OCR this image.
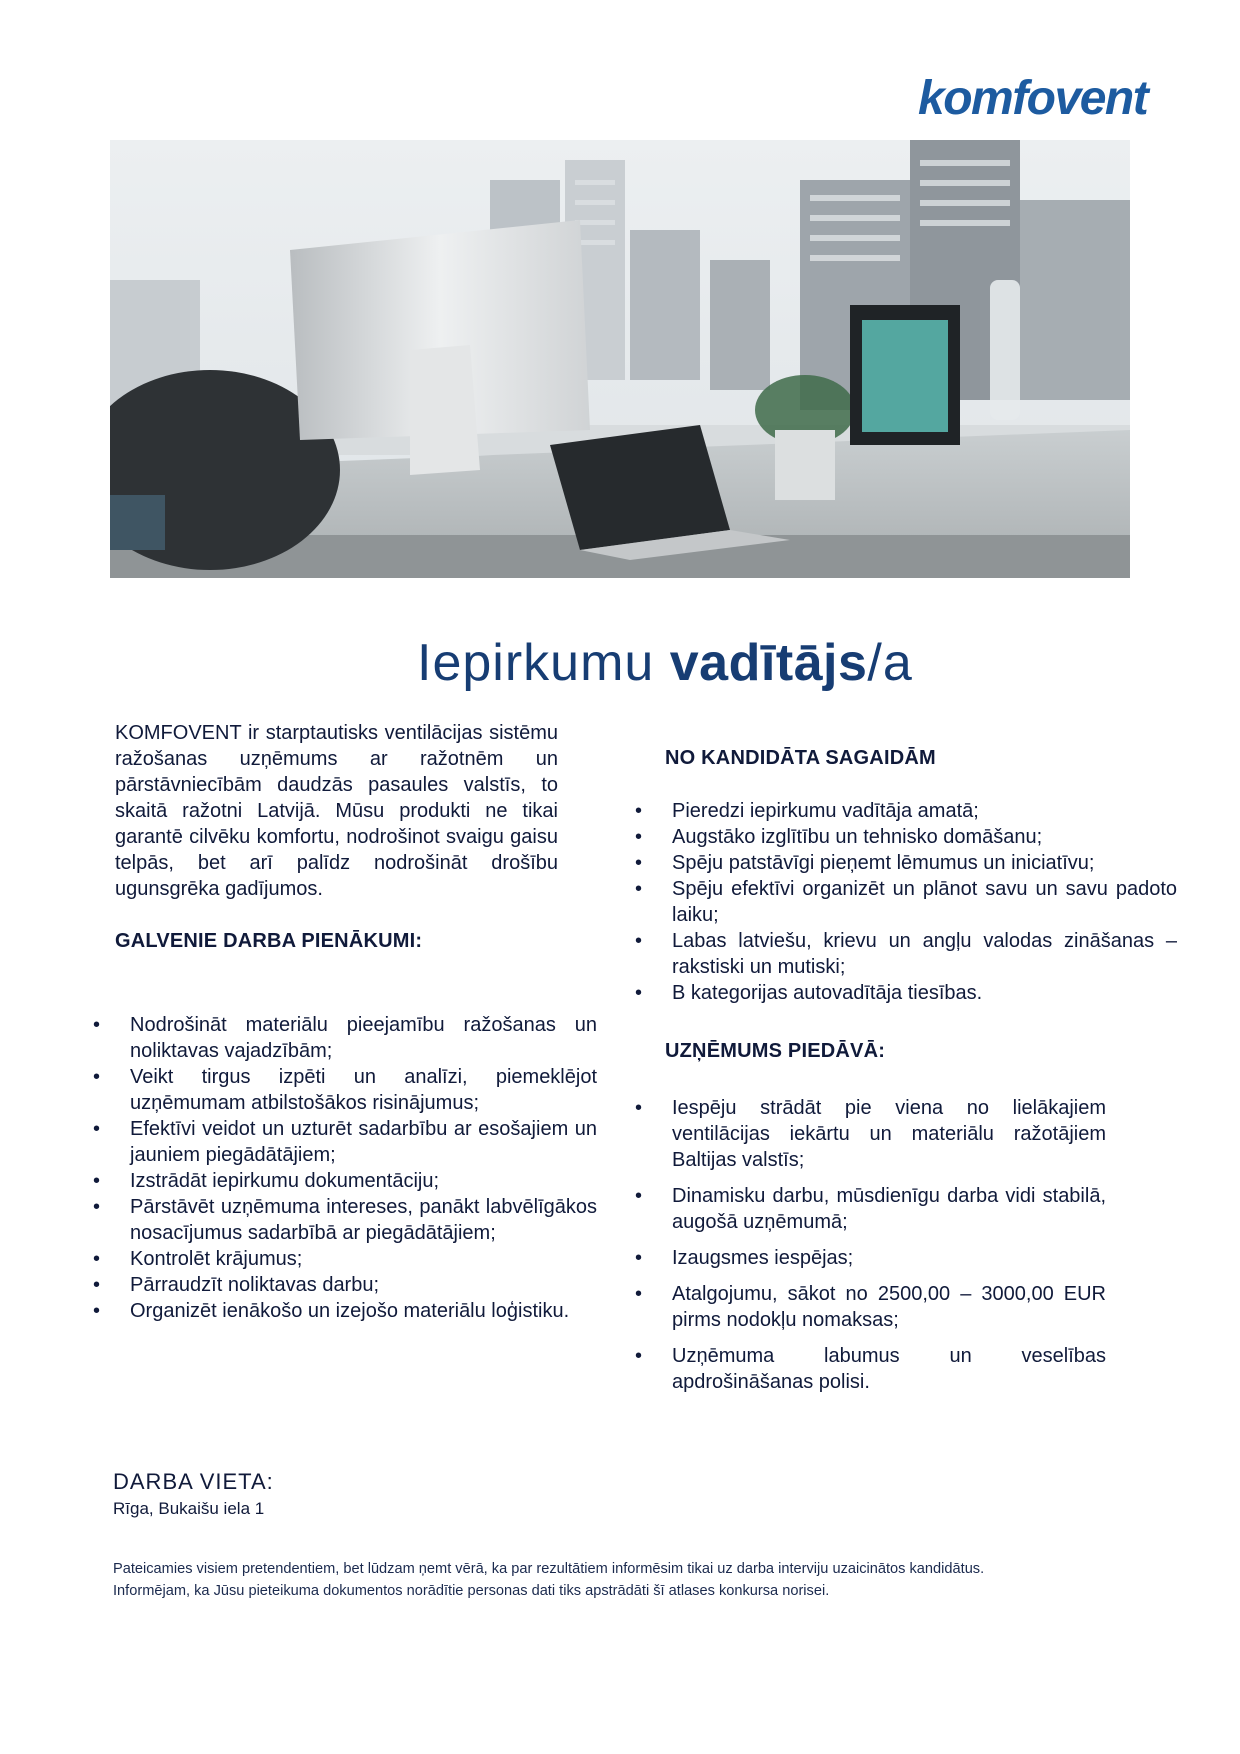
komfovent
Iepirkumu vadītājs/a

KOMFOVENT ir starptautisks ventilācijas sistēmu ražošanas uzņēmums ar ražotnēm un pārstāvniecībām daudzās pasaules valstīs, to skaitā ražotni Latvijā. Mūsu produkti ne tikai garantē cilvēku komfortu, nodrošinot svaigu gaisu telpās, bet arī palīdz nodrošināt drošību ugunsgrēka gadījumos.

GALVENIE DARBA PIENĀKUMI:

• Nodrošināt materiālu pieejamību ražošanas un noliktavas vajadzībām;
• Veikt tirgus izpēti un analīzi, piemeklējot uzņēmumam atbilstošākos risinājumus;
• Efektīvi veidot un uzturēt sadarbību ar esošajiem un jauniem piegādātājiem;
• Izstrādāt iepirkumu dokumentāciju;
• Pārstāvēt uzņēmuma intereses, panākt labvēlīgākos nosacījumus sadarbībā ar piegādātājiem;
• Kontrolēt krājumus;
• Pārraudzīt noliktavas darbu;
• Organizēt ienākošo un izejošo materiālu loģistiku.

NO KANDIDĀTA SAGAIDĀM

• Pieredzi iepirkumu vadītāja amatā;
• Augstāko izglītību un tehnisko domāšanu;
• Spēju patstāvīgi pieņemt lēmumus un iniciatīvu;
• Spēju efektīvi organizēt un plānot savu un savu padoto laiku;
• Labas latviešu, krievu un angļu valodas zināšanas – rakstiski un mutiski;
• B kategorijas autovadītāja tiesības.

UZŅĒMUMS PIEDĀVĀ:

• Iespēju strādāt pie viena no lielākajiem ventilācijas iekārtu un materiālu ražotājiem Baltijas valstīs;
• Dinamisku darbu, mūsdienīgu darba vidi stabilā, augošā uzņēmumā;
• Izaugsmes iespējas;
• Atalgojumu, sākot no 2500,00 – 3000,00 EUR pirms nodokļu nomaksas;
• Uzņēmuma labumus un veselības apdrošināšanas polisi.
DARBA VIETA:
Rīga, Bukaišu iela 1
Pateicamies visiem pretendentiem, bet lūdzam ņemt vērā, ka par rezultātiem informēsim tikai uz darba interviju uzaicinātos kandidātus.
Informējam, ka Jūsu pieteikuma dokumentos norādītie personas dati tiks apstrādāti šī atlases konkursa norisei.
